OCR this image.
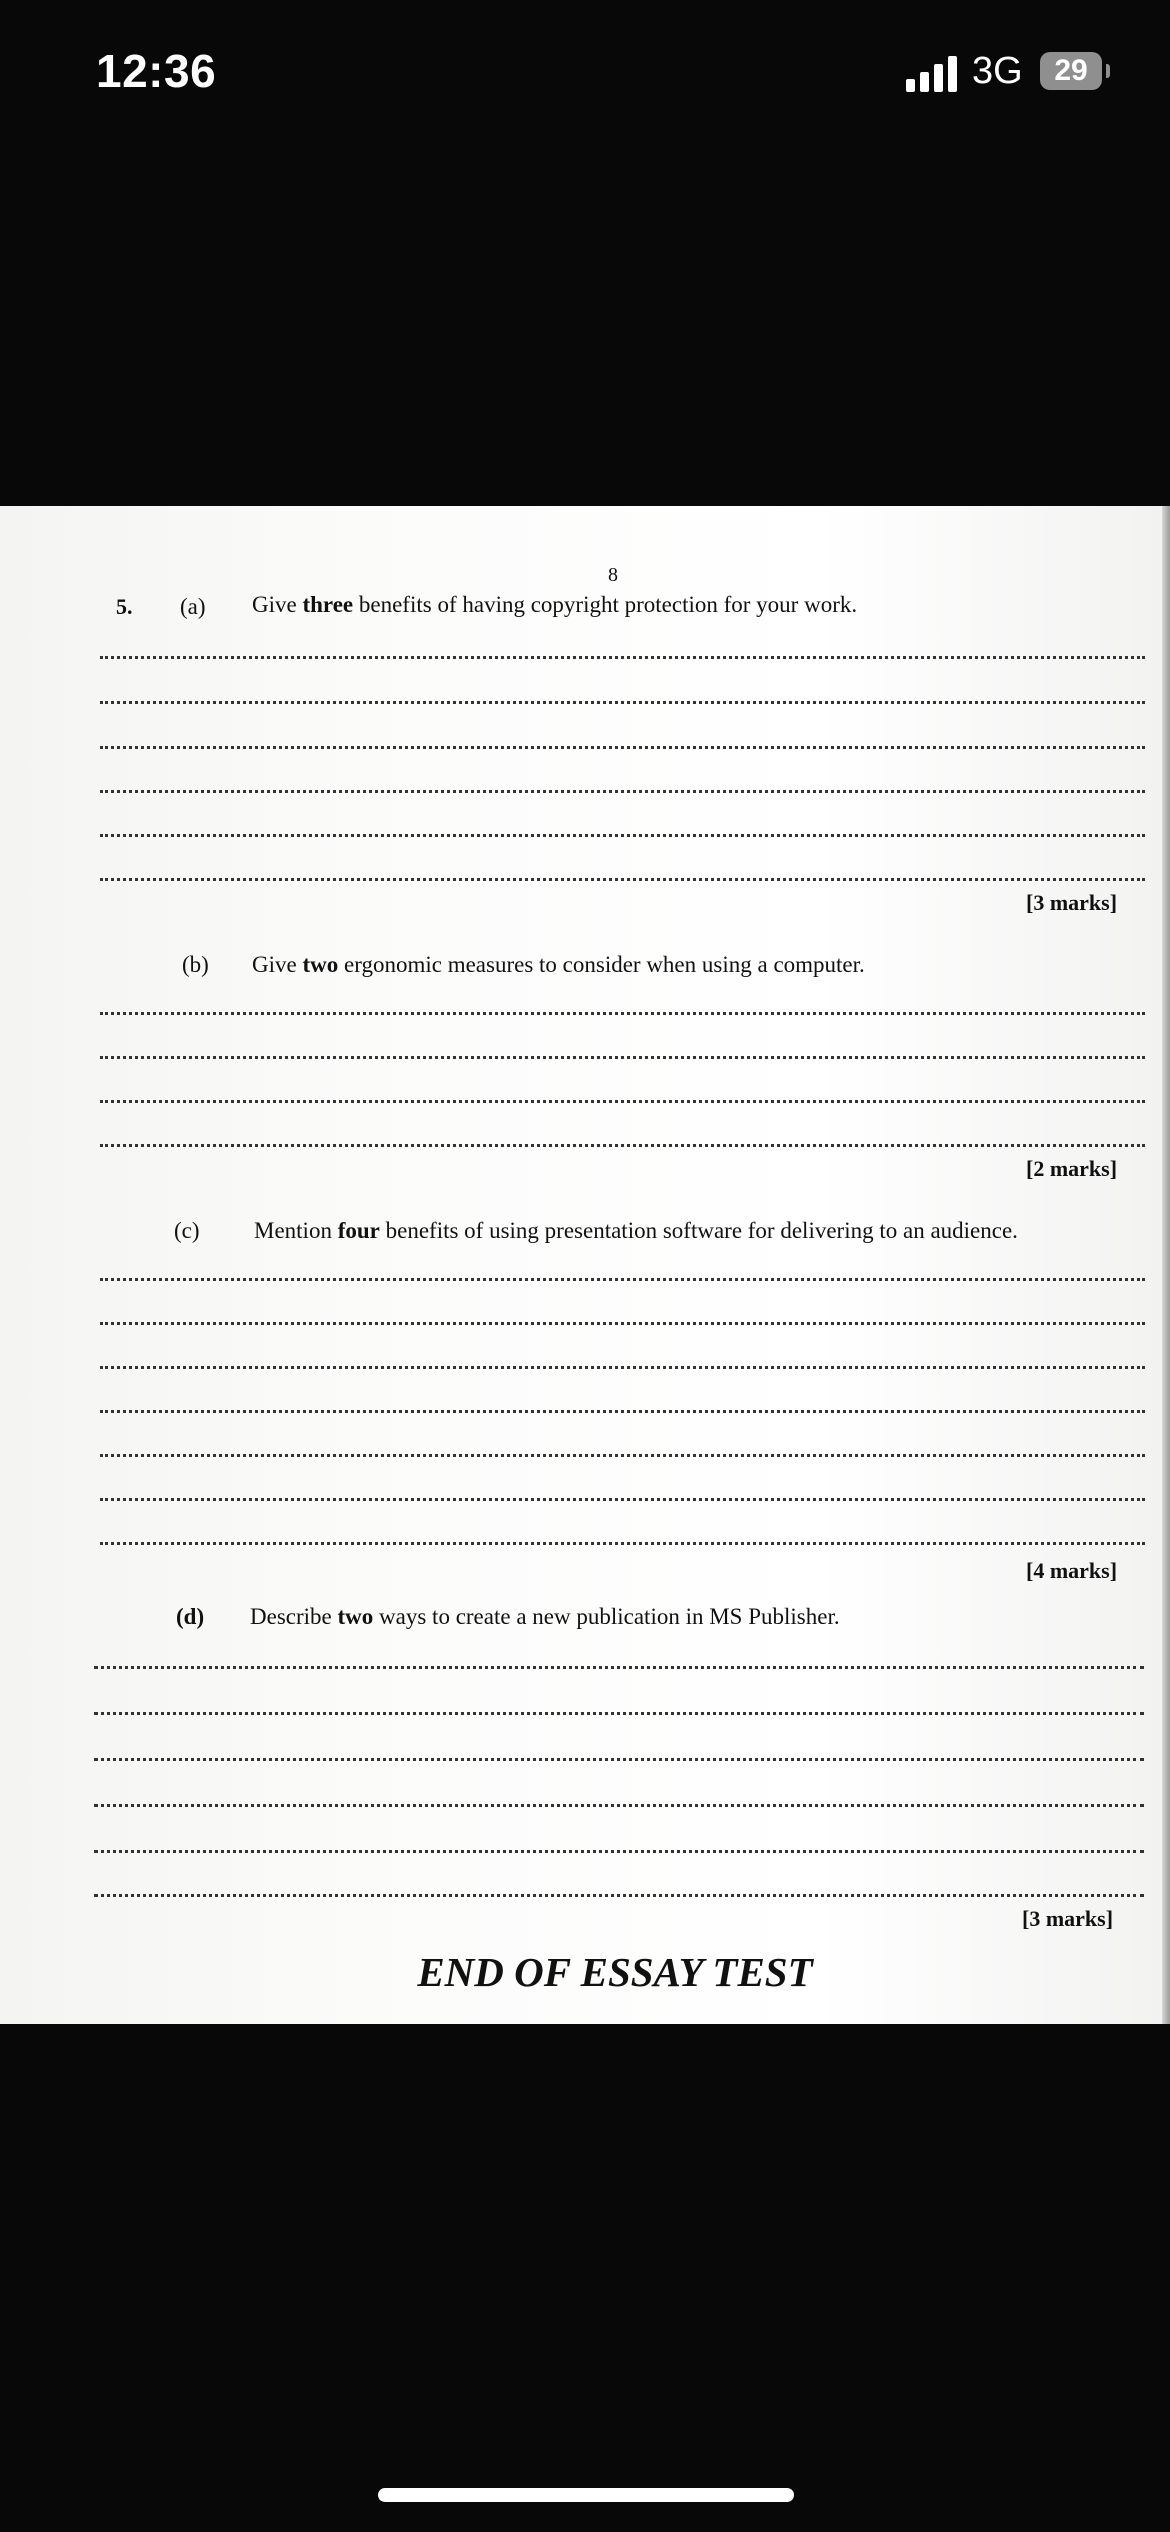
12:36	3G	29
8
5. (a) Give three benefits of having copyright protection for your work.
[3 marks]
(b) Give two ergonomic measures to consider when using a computer.
[2 marks]
(c) Mention four benefits of using presentation software for delivering to an audience.
[4 marks]
(d) Describe two ways to create a new publication in MS Publisher.
[3 marks]
END OF ESSAY TEST
